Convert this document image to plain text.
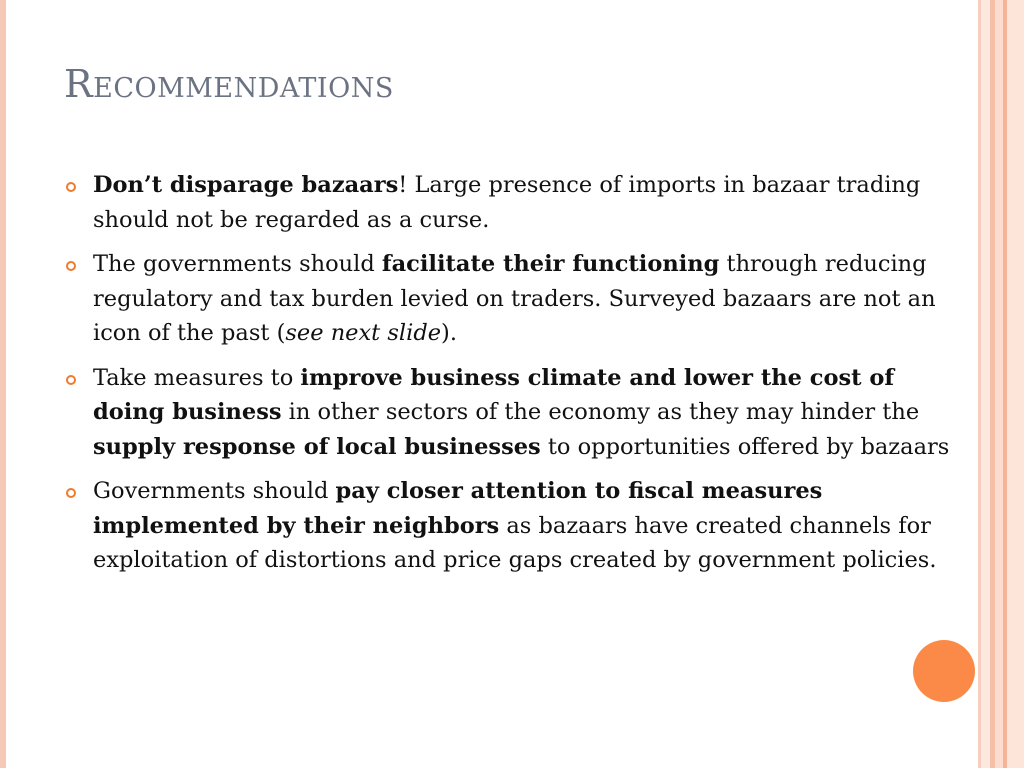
Recommendations
Don’t disparage bazaars! Large presence of imports in bazaar trading should not be regarded as a curse.
The governments should facilitate their functioning through reducing regulatory and tax burden levied on traders. Surveyed bazaars are not an icon of the past (see next slide).
Take measures to improve business climate and lower the cost of doing business in other sectors of the economy as they may hinder the supply response of local businesses to opportunities offered by bazaars
Governments should pay closer attention to fiscal measures implemented by their neighbors as bazaars have created channels for exploitation of distortions and price gaps created by government policies.
